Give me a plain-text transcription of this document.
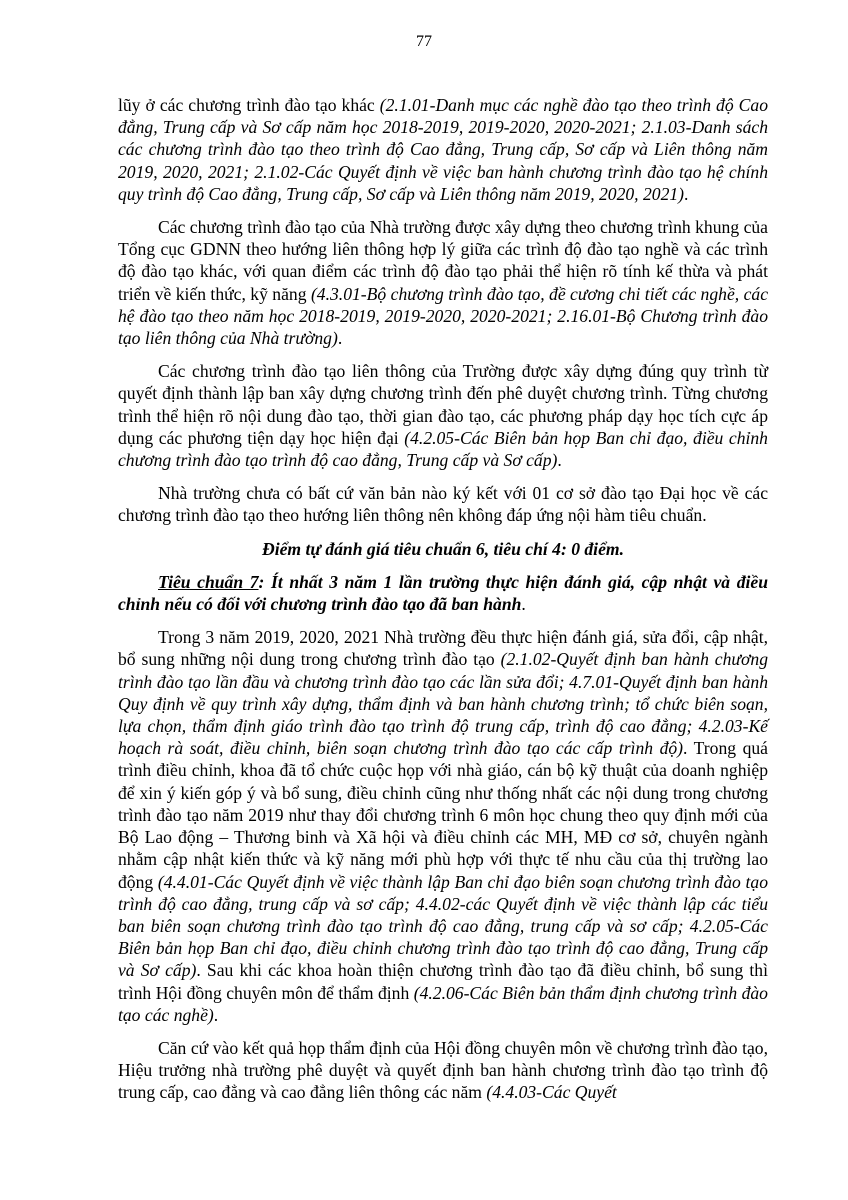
77

lũy ở các chương trình đào tạo khác (2.1.01-Danh mục các nghề đào tạo theo trình độ Cao đẳng, Trung cấp và Sơ cấp năm học 2018-2019, 2019-2020, 2020-2021; 2.1.03-Danh sách các chương trình đào tạo theo trình độ Cao đẳng, Trung cấp, Sơ cấp và Liên thông năm 2019, 2020, 2021; 2.1.02-Các Quyết định về việc ban hành chương trình đào tạo hệ chính quy trình độ Cao đẳng, Trung cấp, Sơ cấp và Liên thông năm 2019, 2020, 2021).

Các chương trình đào tạo của Nhà trường được xây dựng theo chương trình khung của Tổng cục GDNN theo hướng liên thông hợp lý giữa các trình độ đào tạo nghề và các trình độ đào tạo khác, với quan điểm các trình độ đào tạo phải thể hiện rõ tính kế thừa và phát triển về kiến thức, kỹ năng (4.3.01-Bộ chương trình đào tạo, đề cương chi tiết các nghề, các hệ đào tạo theo năm học 2018-2019, 2019-2020, 2020-2021; 2.16.01-Bộ Chương trình đào tạo liên thông của Nhà trường).

Các chương trình đào tạo liên thông của Trường được xây dựng đúng quy trình từ quyết định thành lập ban xây dựng chương trình đến phê duyệt chương trình. Từng chương trình thể hiện rõ nội dung đào tạo, thời gian đào tạo, các phương pháp dạy học tích cực áp dụng các phương tiện dạy học hiện đại (4.2.05-Các Biên bản họp Ban chỉ đạo, điều chỉnh chương trình đào tạo trình độ cao đẳng, Trung cấp và Sơ cấp).

Nhà trường chưa có bất cứ văn bản nào ký kết với 01 cơ sở đào tạo Đại học về các chương trình đào tạo theo hướng liên thông nên không đáp ứng nội hàm tiêu chuẩn.

Điểm tự đánh giá tiêu chuẩn 6, tiêu chí 4: 0 điểm.

Tiêu chuẩn 7: Ít nhất 3 năm 1 lần trường thực hiện đánh giá, cập nhật và điều chỉnh nếu có đối với chương trình đào tạo đã ban hành.

Trong 3 năm 2019, 2020, 2021 Nhà trường đều thực hiện đánh giá, sửa đổi, cập nhật, bổ sung những nội dung trong chương trình đào tạo (2.1.02-Quyết định ban hành chương trình đào tạo lần đầu và chương trình đào tạo các lần sửa đổi; 4.7.01-Quyết định ban hành Quy định về quy trình xây dựng, thẩm định và ban hành chương trình; tổ chức biên soạn, lựa chọn, thẩm định giáo trình đào tạo trình độ trung cấp, trình độ cao đẳng; 4.2.03-Kế hoạch rà soát, điều chỉnh, biên soạn chương trình đào tạo các cấp trình độ). Trong quá trình điều chỉnh, khoa đã tổ chức cuộc họp với nhà giáo, cán bộ kỹ thuật của doanh nghiệp để xin ý kiến góp ý và bổ sung, điều chỉnh cũng như thống nhất các nội dung trong chương trình đào tạo năm 2019 như thay đổi chương trình 6 môn học chung theo quy định mới của Bộ Lao động – Thương binh và Xã hội và điều chỉnh các MH, MĐ cơ sở, chuyên ngành nhằm cập nhật kiến thức và kỹ năng mới phù hợp với thực tế nhu cầu của thị trường lao động (4.4.01-Các Quyết định về việc thành lập Ban chỉ đạo biên soạn chương trình đào tạo trình độ cao đẳng, trung cấp và sơ cấp; 4.4.02-các Quyết định về việc thành lập các tiểu ban biên soạn chương trình đào tạo trình độ cao đẳng, trung cấp và sơ cấp; 4.2.05-Các Biên bản họp Ban chỉ đạo, điều chỉnh chương trình đào tạo trình độ cao đẳng, Trung cấp và Sơ cấp). Sau khi các khoa hoàn thiện chương trình đào tạo đã điều chỉnh, bổ sung thì trình Hội đồng chuyên môn để thẩm định (4.2.06-Các Biên bản thẩm định chương trình đào tạo các nghề).

Căn cứ vào kết quả họp thẩm định của Hội đồng chuyên môn về chương trình đào tạo, Hiệu trưởng nhà trường phê duyệt và quyết định ban hành chương trình đào tạo trình độ trung cấp, cao đẳng và cao đẳng liên thông các năm (4.4.03-Các Quyết
